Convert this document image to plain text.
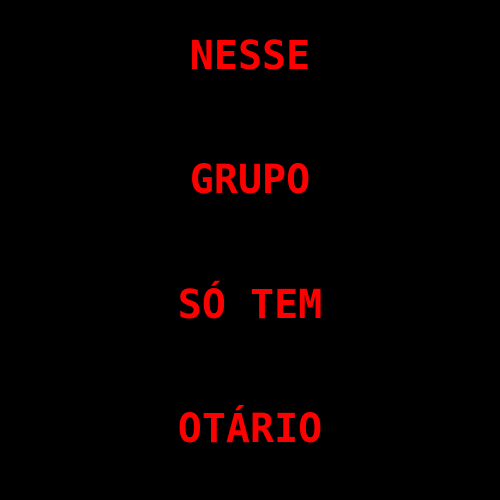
NESSE
GRUPO
SÓ TEM
OTÁRIO
